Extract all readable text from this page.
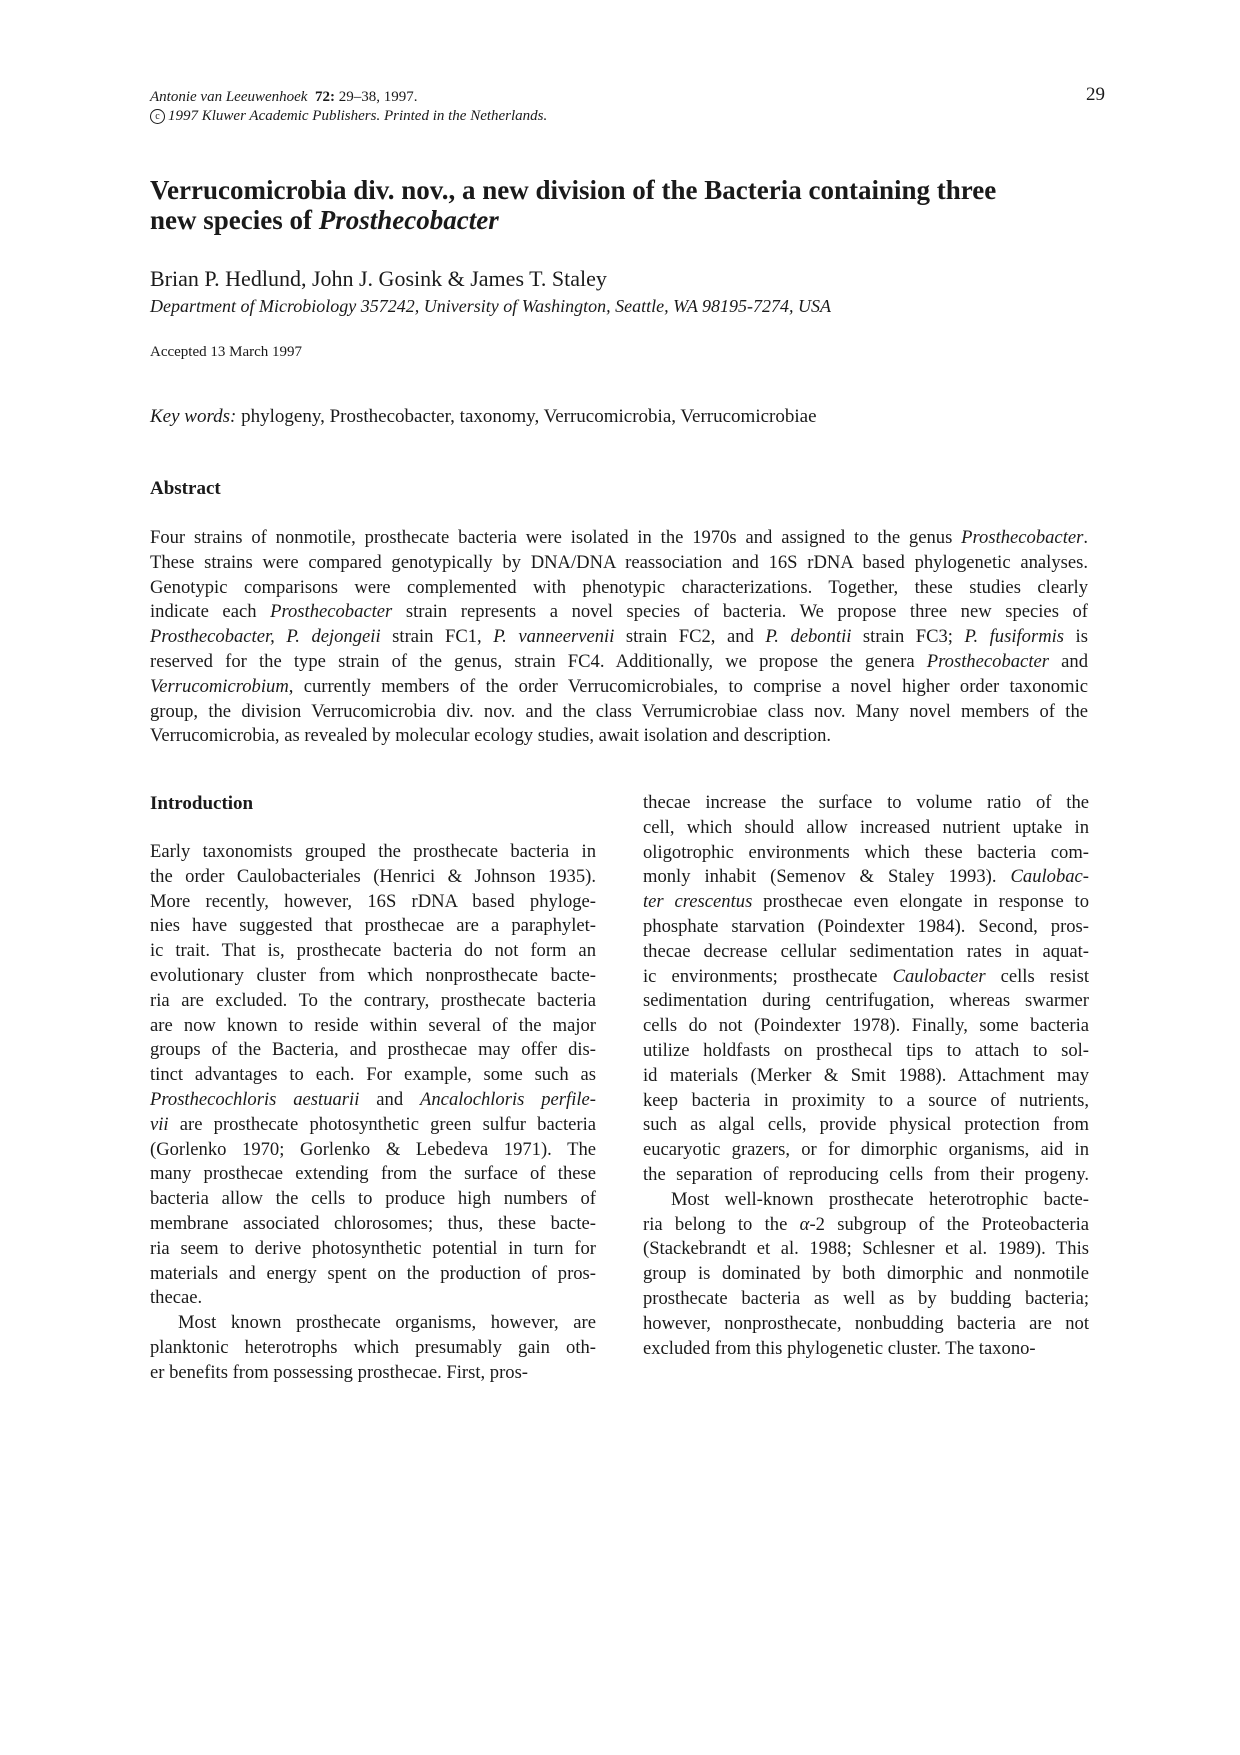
Antonie van Leeuwenhoek 72: 29–38, 1997.
c 1997 Kluwer Academic Publishers. Printed in the Netherlands.
29
Verrucomicrobia div. nov., a new division of the Bacteria containing three
new species of Prosthecobacter
Brian P. Hedlund, John J. Gosink & James T. Staley
Department of Microbiology 357242, University of Washington, Seattle, WA 98195-7274, USA
Accepted 13 March 1997
Key words: phylogeny, Prosthecobacter, taxonomy, Verrucomicrobia, Verrucomicrobiae
Abstract
Four strains of nonmotile, prosthecate bacteria were isolated in the 1970s and assigned to the genus Prosthecobacter.
These strains were compared genotypically by DNA/DNA reassociation and 16S rDNA based phylogenetic analyses.
Genotypic comparisons were complemented with phenotypic characterizations. Together, these studies clearly
indicate each Prosthecobacter strain represents a novel species of bacteria. We propose three new species of
Prosthecobacter, P. dejongeii strain FC1, P. vanneervenii strain FC2, and P. debontii strain FC3; P. fusiformis is
reserved for the type strain of the genus, strain FC4. Additionally, we propose the genera Prosthecobacter and
Verrucomicrobium, currently members of the order Verrucomicrobiales, to comprise a novel higher order taxonomic
group, the division Verrucomicrobia div. nov. and the class Verrumicrobiae class nov. Many novel members of the
Verrucomicrobia, as revealed by molecular ecology studies, await isolation and description.
Introduction
Early taxonomists grouped the prosthecate bacteria in
the order Caulobacteriales (Henrici & Johnson 1935).
More recently, however, 16S rDNA based phyloge-
nies have suggested that prosthecae are a paraphylet-
ic trait. That is, prosthecate bacteria do not form an
evolutionary cluster from which nonprosthecate bacte-
ria are excluded. To the contrary, prosthecate bacteria
are now known to reside within several of the major
groups of the Bacteria, and prosthecae may offer dis-
tinct advantages to each. For example, some such as
Prosthecochloris aestuarii and Ancalochloris perfile-
vii are prosthecate photosynthetic green sulfur bacteria
(Gorlenko 1970; Gorlenko & Lebedeva 1971). The
many prosthecae extending from the surface of these
bacteria allow the cells to produce high numbers of
membrane associated chlorosomes; thus, these bacte-
ria seem to derive photosynthetic potential in turn for
materials and energy spent on the production of pros-
thecae.
Most known prosthecate organisms, however, are
planktonic heterotrophs which presumably gain oth-
er benefits from possessing prosthecae. First, pros-
thecae increase the surface to volume ratio of the
cell, which should allow increased nutrient uptake in
oligotrophic environments which these bacteria com-
monly inhabit (Semenov & Staley 1993). Caulobac-
ter crescentus prosthecae even elongate in response to
phosphate starvation (Poindexter 1984). Second, pros-
thecae decrease cellular sedimentation rates in aquat-
ic environments; prosthecate Caulobacter cells resist
sedimentation during centrifugation, whereas swarmer
cells do not (Poindexter 1978). Finally, some bacteria
utilize holdfasts on prosthecal tips to attach to sol-
id materials (Merker & Smit 1988). Attachment may
keep bacteria in proximity to a source of nutrients,
such as algal cells, provide physical protection from
eucaryotic grazers, or for dimorphic organisms, aid in
the separation of reproducing cells from their progeny.
Most well-known prosthecate heterotrophic bacte-
ria belong to the α-2 subgroup of the Proteobacteria
(Stackebrandt et al. 1988; Schlesner et al. 1989). This
group is dominated by both dimorphic and nonmotile
prosthecate bacteria as well as by budding bacteria;
however, nonprosthecate, nonbudding bacteria are not
excluded from this phylogenetic cluster. The taxono-
